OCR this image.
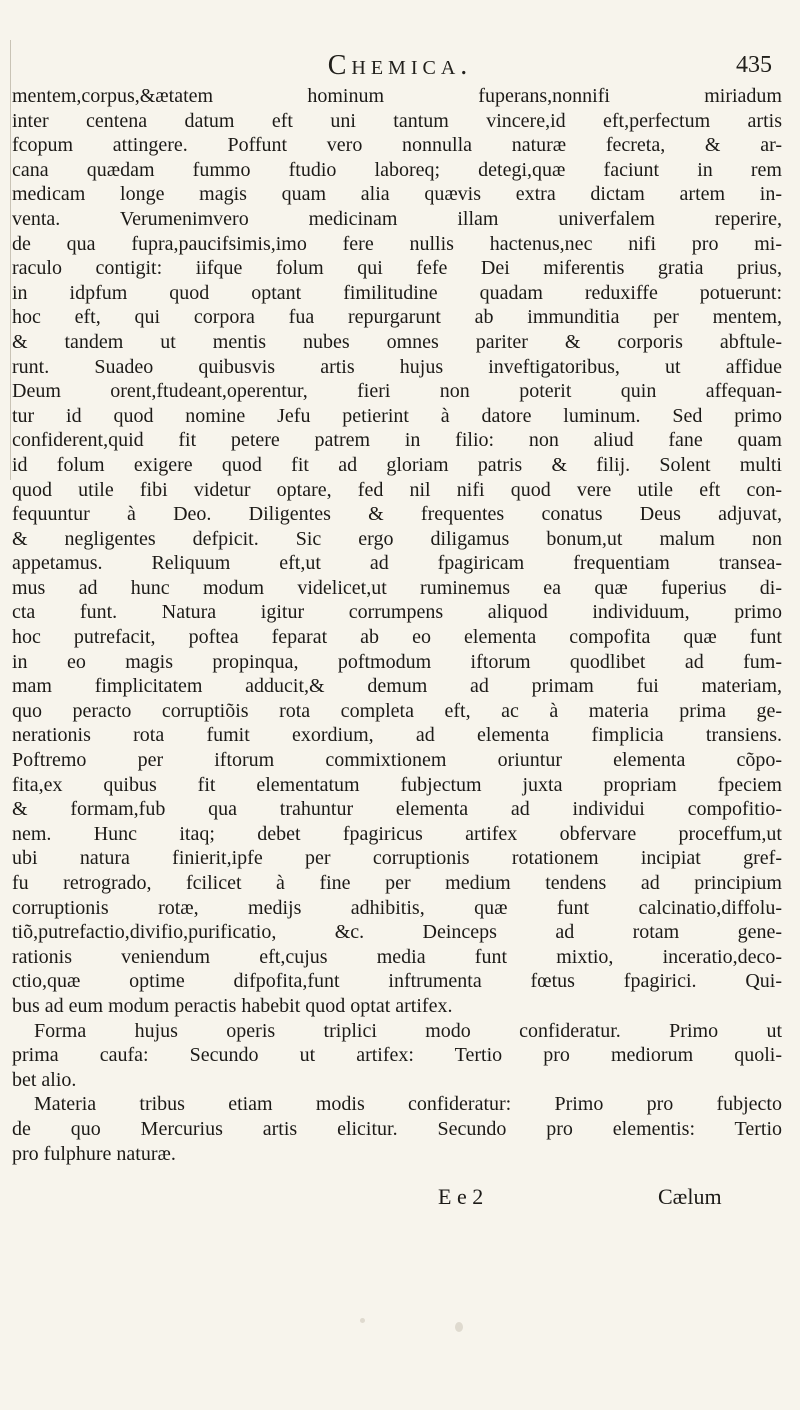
Chemica.	435
mentem,corpus,&ætatem hominum fuperans,nonnifi miriadum
inter centena datum eft uni tantum vincere,id eft,perfectum artis
fcopum attingere. Poffunt vero nonnulla naturæ fecreta, & ar-
cana quædam fummo ftudio laboreq; detegi,quæ faciunt in rem
medicam longe magis quam alia quævis extra dictam artem in-
venta. Verumenimvero medicinam illam univerfalem reperire,
de qua fupra,paucifsimis,imo fere nullis hactenus,nec nifi pro mi-
raculo contigit: iifque folum qui fefe Dei miferentis gratia prius,
in idpfum quod optant fimilitudine quadam reduxiffe potuerunt:
hoc eft, qui corpora fua repurgarunt ab immunditia per mentem,
& tandem ut mentis nubes omnes pariter & corporis abftule-
runt. Suadeo quibusvis artis hujus inveftigatoribus, ut affidue
Deum orent,ftudeant,operentur, fieri non poterit quin affequan-
tur id quod nomine Jefu petierint à datore luminum. Sed primo
confiderent,quid fit petere patrem in filio: non aliud fane quam
id folum exigere quod fit ad gloriam patris & filij. Solent multi
quod utile fibi videtur optare, fed nil nifi quod vere utile eft con-
fequuntur à Deo. Diligentes & frequentes conatus Deus adjuvat,
& negligentes defpicit. Sic ergo diligamus bonum,ut malum non
appetamus. Reliquum eft,ut ad fpagiricam frequentiam transea-
mus ad hunc modum videlicet,ut ruminemus ea quæ fuperius di-
cta funt. Natura igitur corrumpens aliquod individuum, primo
hoc putrefacit, poftea feparat ab eo elementa compofita quæ funt
in eo magis propinqua, poftmodum iftorum quodlibet ad fum-
mam fimplicitatem adducit,& demum ad primam fui materiam,
quo peracto corruptiõis rota completa eft, ac à materia prima ge-
nerationis rota fumit exordium, ad elementa fimplicia transiens.
Poftremo per iftorum commixtionem oriuntur elementa cõpo-
fita,ex quibus fit elementatum fubjectum juxta propriam fpeciem
& formam,fub qua trahuntur elementa ad individui compofitio-
nem. Hunc itaq; debet fpagiricus artifex obfervare proceffum,ut
ubi natura finierit,ipfe per corruptionis rotationem incipiat gref-
fu retrogrado, fcilicet à fine per medium tendens ad principium
corruptionis rotæ, medijs adhibitis, quæ funt calcinatio,diffolu-
tiõ,putrefactio,divifio,purificatio, &c. Deinceps ad rotam gene-
rationis veniendum eft,cujus media funt mixtio, inceratio,deco-
ctio,quæ optime difpofita,funt inftrumenta fœtus fpagirici. Qui-
bus ad eum modum peractis habebit quod optat artifex.
Forma hujus operis triplici modo confideratur. Primo ut
prima caufa: Secundo ut artifex: Tertio pro mediorum quoli-
bet alio.
Materia tribus etiam modis confideratur: Primo pro fubjecto
de quo Mercurius artis elicitur. Secundo pro elementis: Tertio
pro fulphure naturæ.
E e 2	Cælum
